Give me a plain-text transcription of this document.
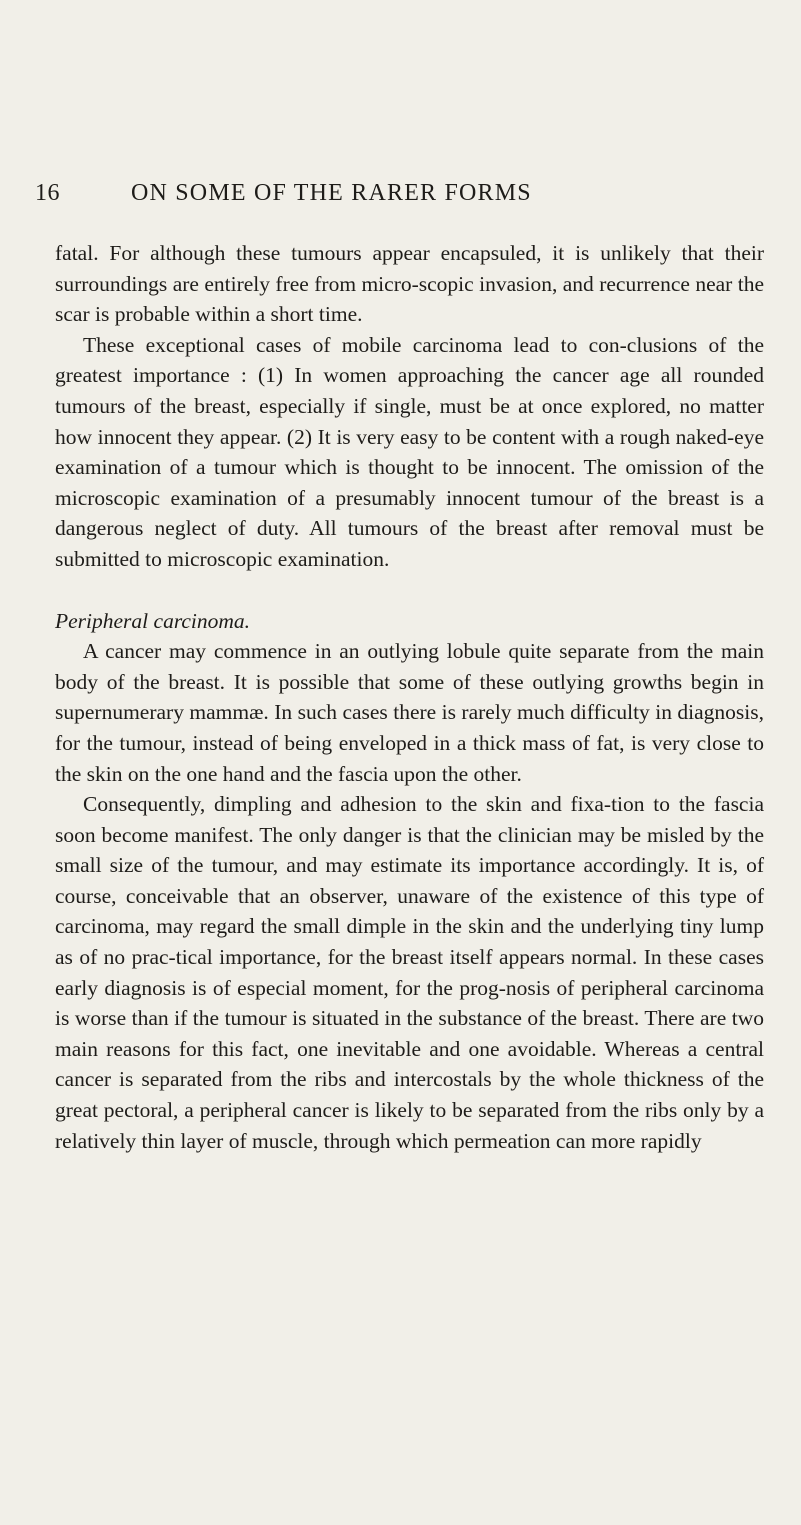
16	ON SOME OF THE RARER FORMS

fatal. For although these tumours appear encapsuled, it is unlikely that their surroundings are entirely free from micro-scopic invasion, and recurrence near the scar is probable within a short time.

These exceptional cases of mobile carcinoma lead to con-clusions of the greatest importance : (1) In women approaching the cancer age all rounded tumours of the breast, especially if single, must be at once explored, no matter how innocent they appear. (2) It is very easy to be content with a rough naked-eye examination of a tumour which is thought to be innocent. The omission of the microscopic examination of a presumably innocent tumour of the breast is a dangerous neglect of duty. All tumours of the breast after removal must be submitted to microscopic examination.

Peripheral carcinoma.

A cancer may commence in an outlying lobule quite separate from the main body of the breast. It is possible that some of these outlying growths begin in supernumerary mammæ. In such cases there is rarely much difficulty in diagnosis, for the tumour, instead of being enveloped in a thick mass of fat, is very close to the skin on the one hand and the fascia upon the other.

Consequently, dimpling and adhesion to the skin and fixa-tion to the fascia soon become manifest. The only danger is that the clinician may be misled by the small size of the tumour, and may estimate its importance accordingly. It is, of course, conceivable that an observer, unaware of the existence of this type of carcinoma, may regard the small dimple in the skin and the underlying tiny lump as of no prac-tical importance, for the breast itself appears normal. In these cases early diagnosis is of especial moment, for the prog-nosis of peripheral carcinoma is worse than if the tumour is situated in the substance of the breast. There are two main reasons for this fact, one inevitable and one avoidable. Whereas a central cancer is separated from the ribs and intercostals by the whole thickness of the great pectoral, a peripheral cancer is likely to be separated from the ribs only by a relatively thin layer of muscle, through which permeation can more rapidly
